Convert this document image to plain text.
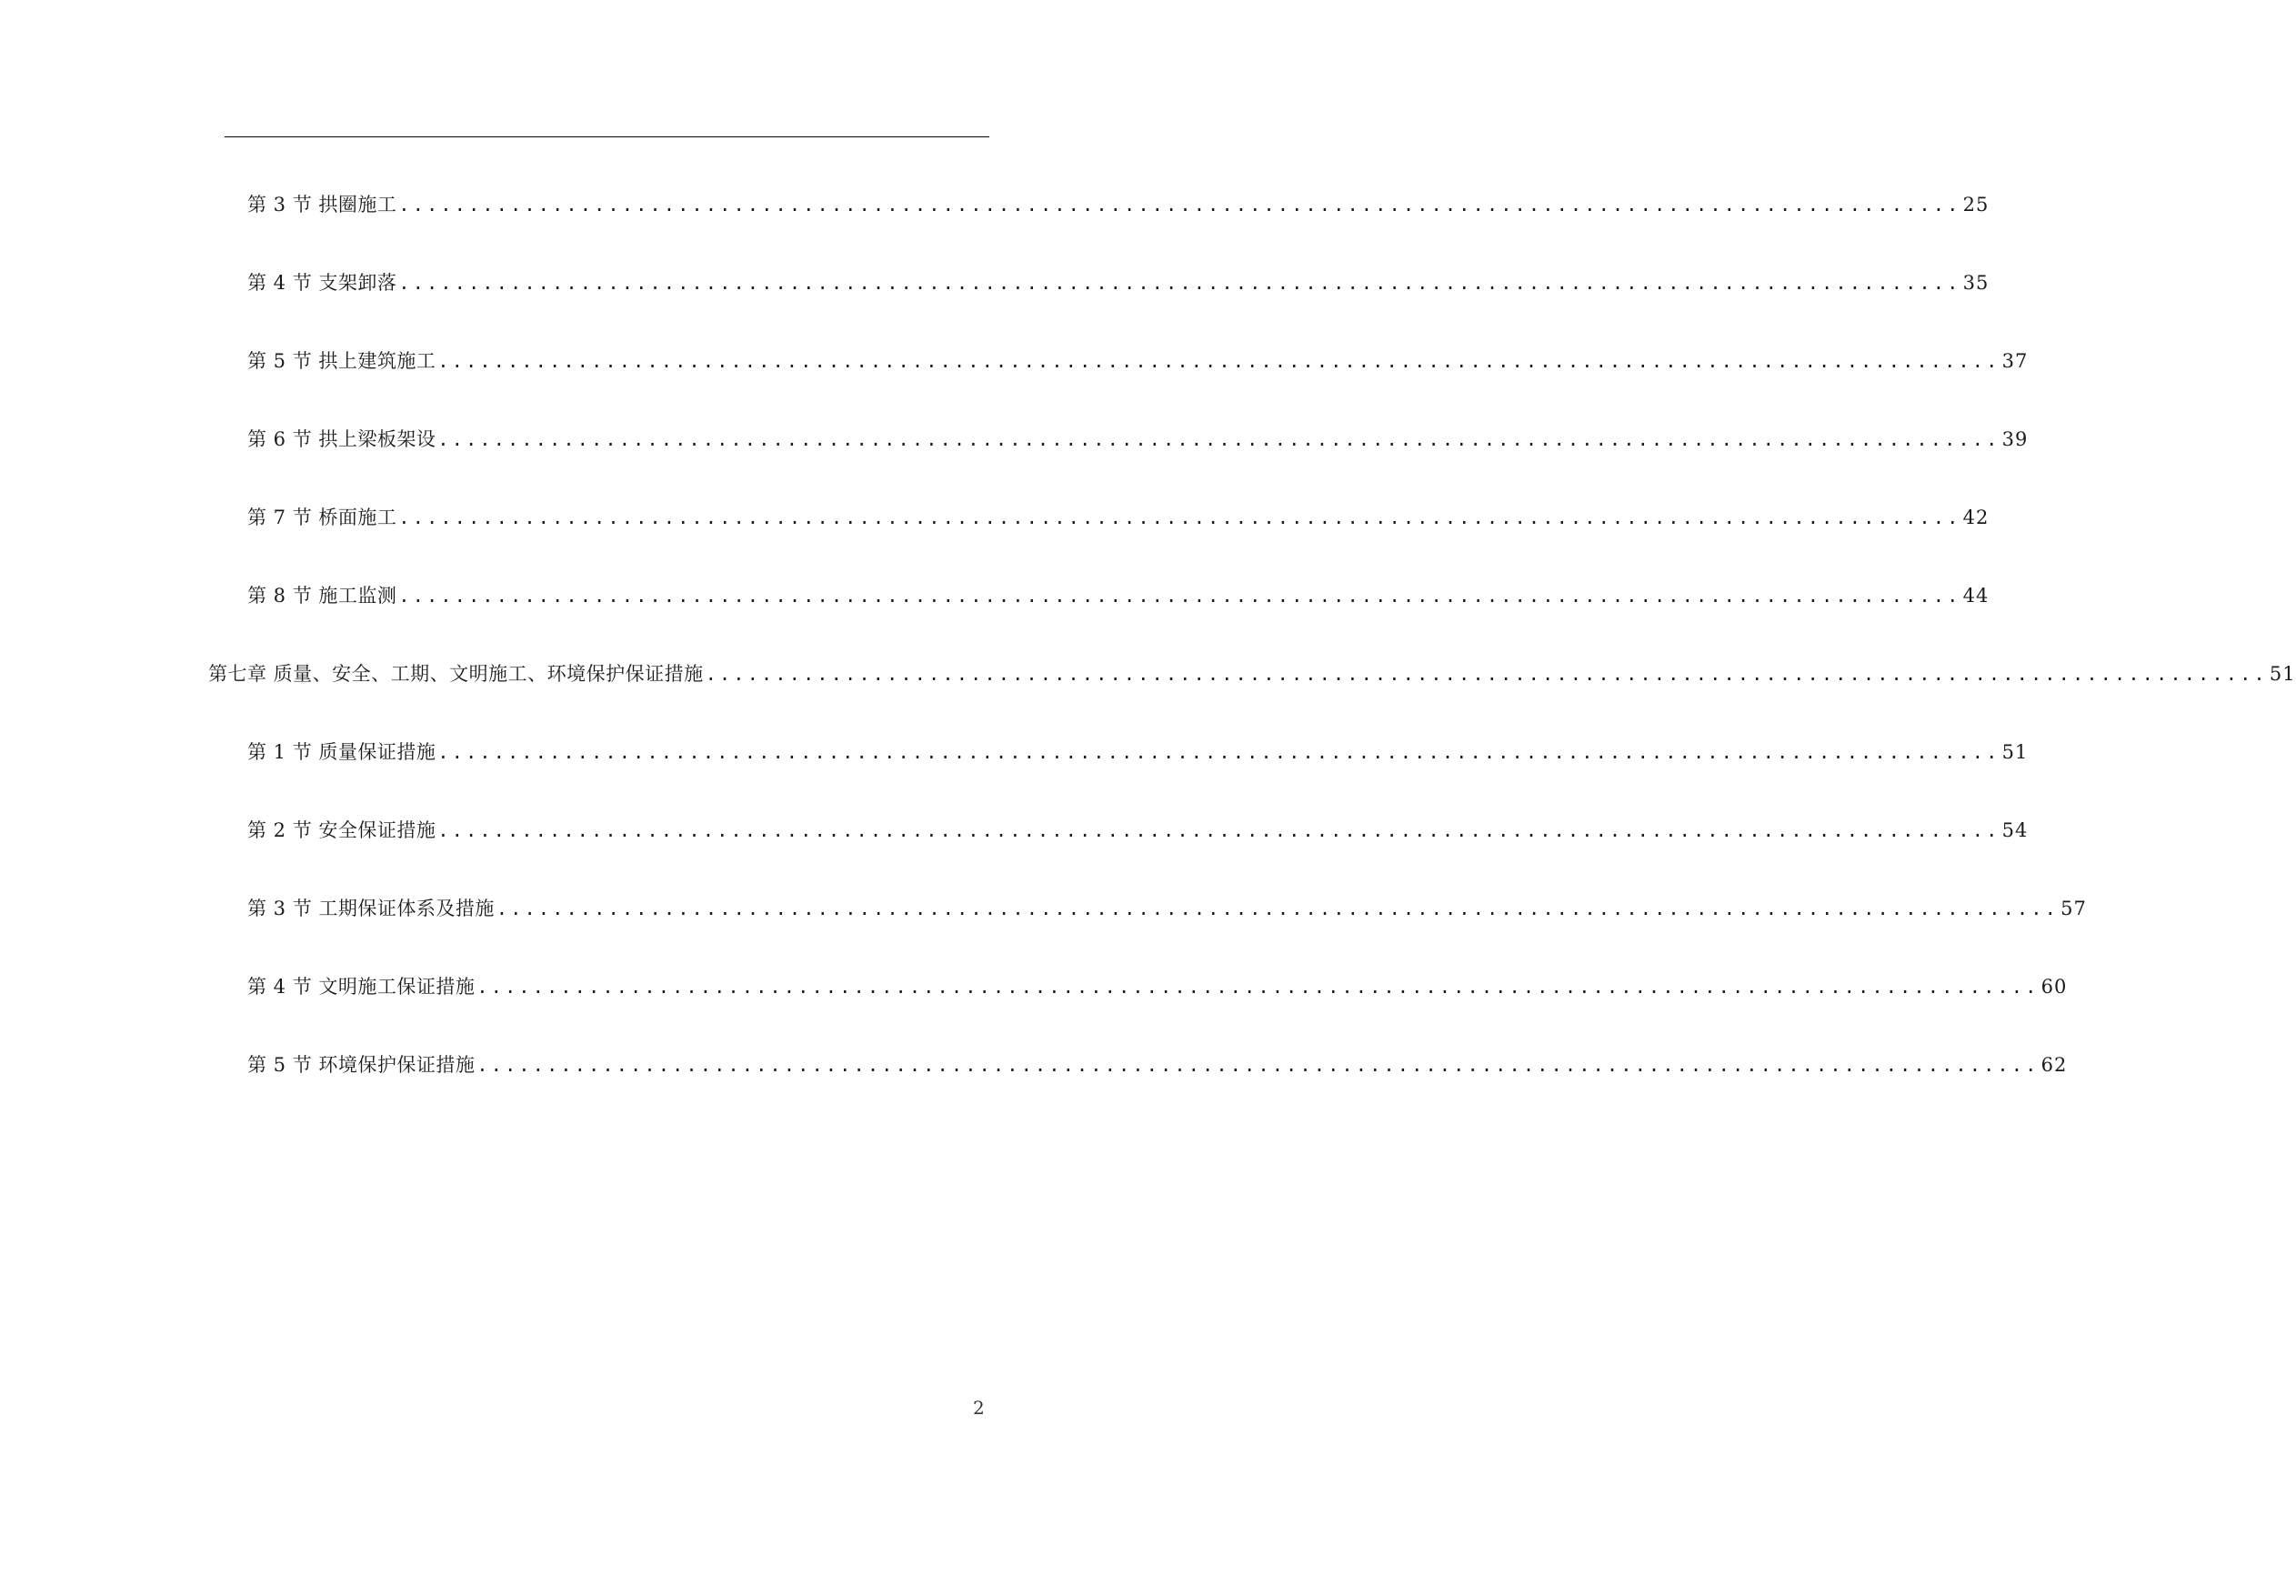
第 3 节 拱圈施工 ................................................................................................................ 25
第 4 节 支架卸落 ................................................................................................................ 35
第 5 节 拱上建筑施工 ................................................................................................................ 37
第 6 节 拱上梁板架设 ................................................................................................................ 39
第 7 节 桥面施工 ................................................................................................................ 42
第 8 节 施工监测 ................................................................................................................ 44
第七章 质量、安全、工期、文明施工、环境保护保证措施 ................................................................................................................ 51
第 1 节 质量保证措施 ................................................................................................................ 51
第 2 节 安全保证措施 ................................................................................................................ 54
第 3 节 工期保证体系及措施 ................................................................................................................ 57
第 4 节 文明施工保证措施 ................................................................................................................ 60
第 5 节 环境保护保证措施 ................................................................................................................ 62
2
